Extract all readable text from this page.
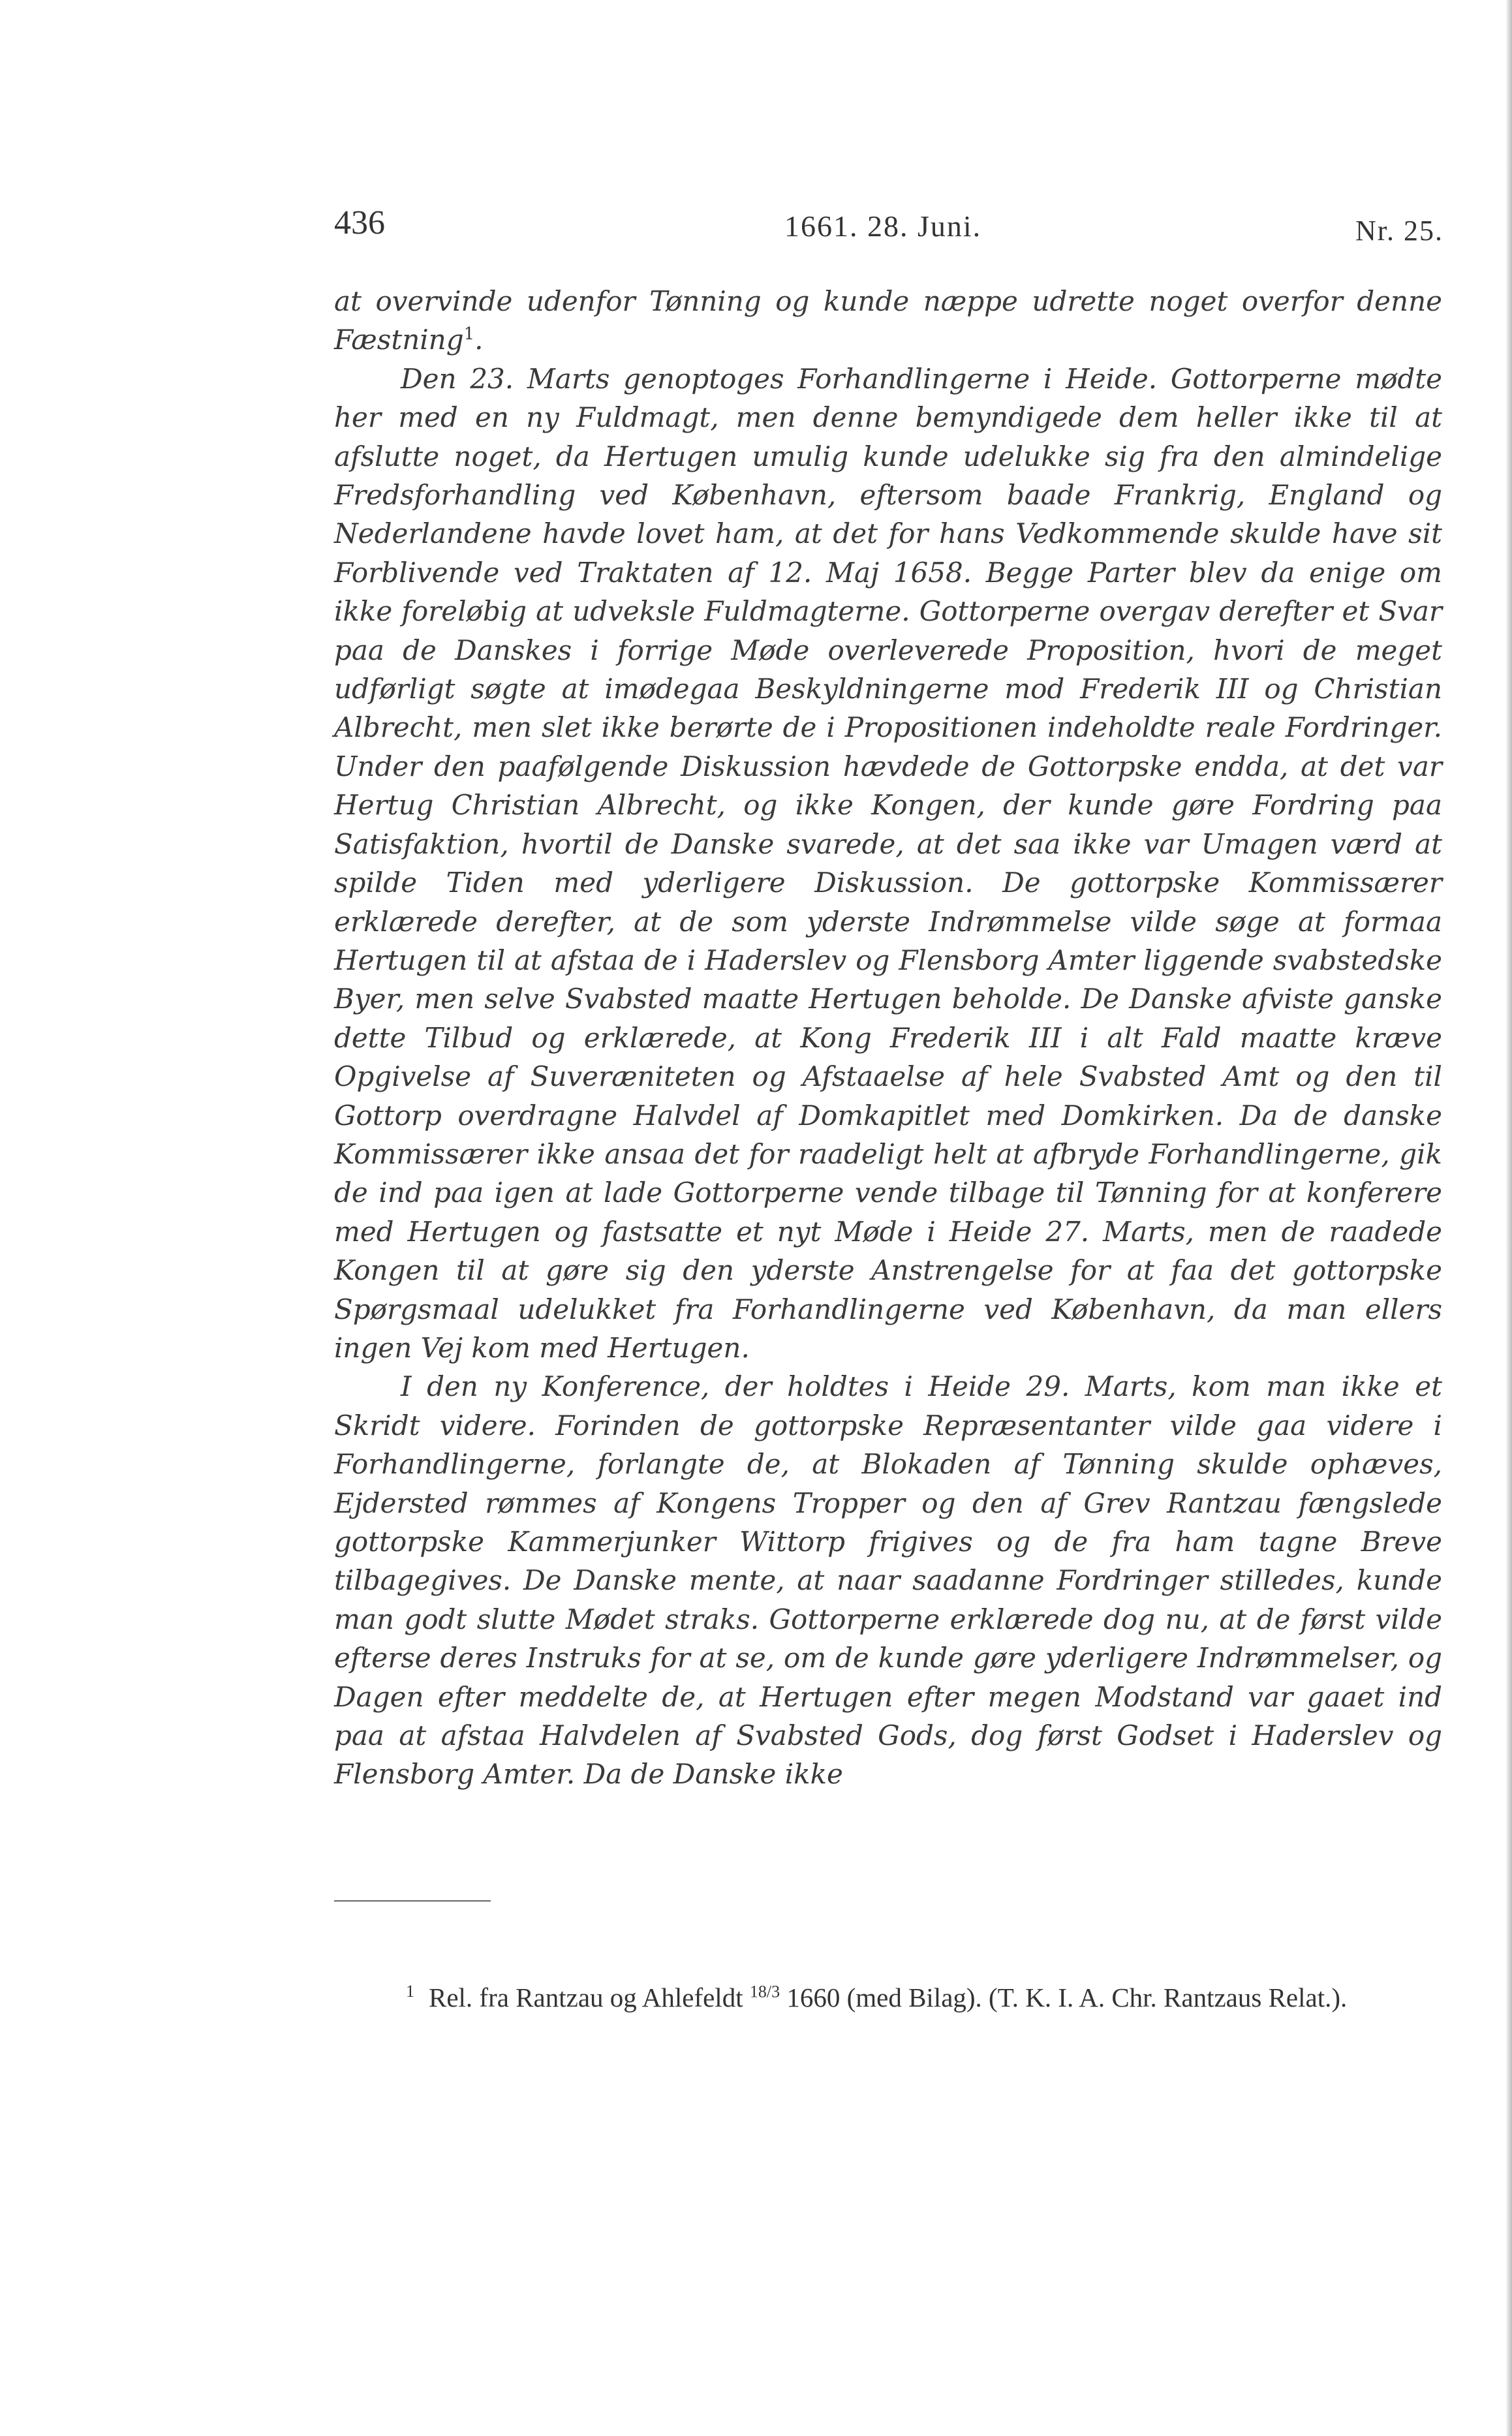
436	1661. 28. Juni.	Nr. 25.

at overvinde udenfor Tønning og kunde næppe udrette noget overfor denne Fæstning$^1$.

Den 23. Marts genoptoges Forhandlingerne i Heide. Gottorperne mødte her med en ny Fuldmagt, men denne bemyndigede dem heller ikke til at afslutte noget, da Hertugen umulig kunde udelukke sig fra den almindelige Fredsforhandling ved København, eftersom baade Frankrig, England og Nederlandene havde lovet ham, at det for hans Vedkommende skulde have sit Forblivende ved Traktaten af 12. Maj 1658. Begge Parter blev da enige om ikke foreløbig at udveksle Fuldmagterne. Gottorperne overgav derefter et Svar paa de Danskes i forrige Møde overleverede Proposition, hvori de meget udførligt søgte at imødegaa Beskyldningerne mod Frederik III og Christian Albrecht, men slet ikke berørte de i Propositionen indeholdte reale Fordringer. Under den paafølgende Diskussion hævdede de Gottorpske endda, at det var Hertug Christian Albrecht, og ikke Kongen, der kunde gøre Fordring paa Satisfaktion, hvortil de Danske svarede, at det saa ikke var Umagen værd at spilde Tiden med yderligere Diskussion. De gottorpske Kommissærer erklærede derefter, at de som yderste Indrømmelse vilde søge at formaa Hertugen til at afstaa de i Haderslev og Flensborg Amter liggende svabstedske Byer, men selve Svabsted maatte Hertugen beholde. De Danske afviste ganske dette Tilbud og erklærede, at Kong Frederik III i alt Fald maatte kræve Opgivelse af Suveræniteten og Afstaaelse af hele Svabsted Amt og den til Gottorp overdragne Halvdel af Domkapitlet med Domkirken. Da de danske Kommissærer ikke ansaa det for raadeligt helt at afbryde Forhandlingerne, gik de ind paa igen at lade Gottorperne vende tilbage til Tønning for at konferere med Hertugen og fastsatte et nyt Møde i Heide 27. Marts, men de raadede Kongen til at gøre sig den yderste Anstrengelse for at faa det gottorpske Spørgsmaal udelukket fra Forhandlingerne ved København, da man ellers ingen Vej kom med Hertugen.

I den ny Konference, der holdtes i Heide 29. Marts, kom man ikke et Skridt videre. Forinden de gottorpske Repræsentanter vilde gaa videre i Forhandlingerne, forlangte de, at Blokaden af Tønning skulde ophæves, Ejdersted rømmes af Kongens Tropper og den af Grev Rantzau fængslede gottorpske Kammerjunker Wittorp frigives og de fra ham tagne Breve tilbagegives. De Danske mente, at naar saadanne Fordringer stilledes, kunde man godt slutte Mødet straks. Gottorperne erklærede dog nu, at de først vilde efterse deres Instruks for at se, om de kunde gøre yderligere Indrømmelser, og Dagen efter meddelte de, at Hertugen efter megen Modstand var gaaet ind paa at afstaa Halvdelen af Svabsted Gods, dog først Godset i Haderslev og Flensborg Amter. Da de Danske ikke

1 Rel. fra Rantzau og Ahlefeldt $^{18/3}$ 1660 (med Bilag). (T. K. I. A. Chr. Rantzaus Relat.).
